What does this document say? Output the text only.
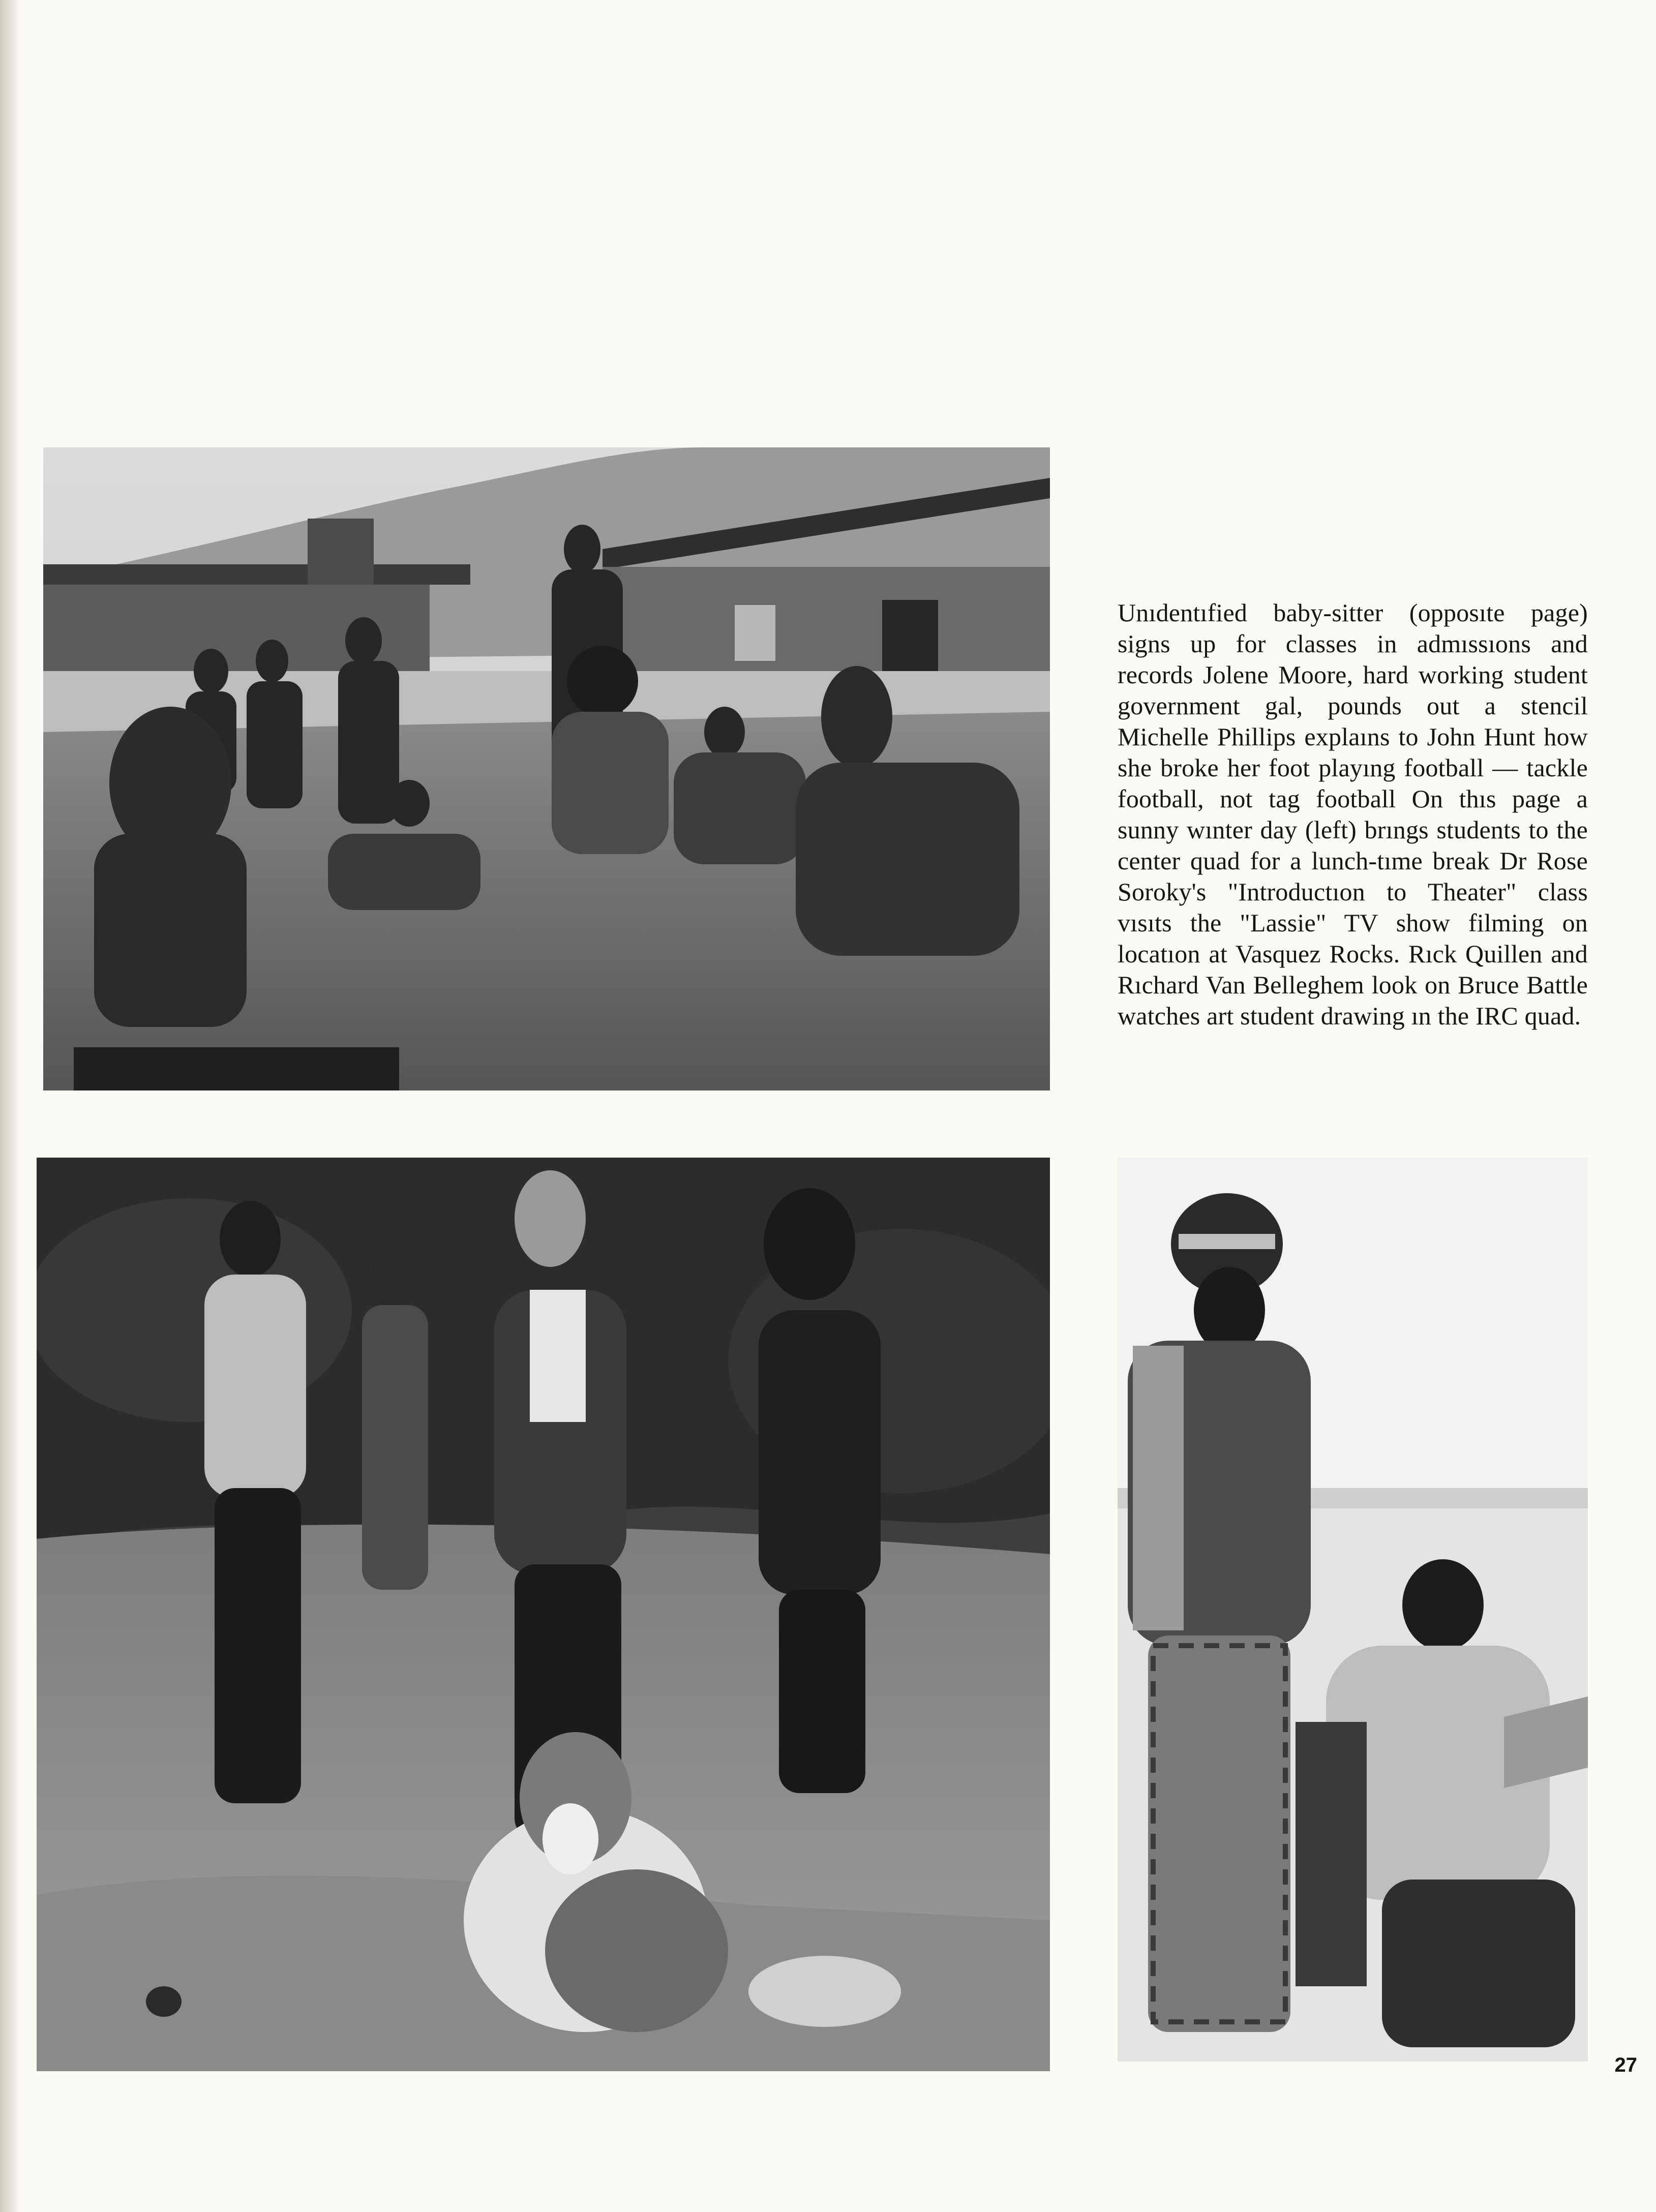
Unıdentıfied baby-sitter (opposıte page) signs up for classes in admıssıons and records Jolene Moore, hard working student government gal, pounds out a stencil Michelle Phillips explaıns to John Hunt how she broke her foot playıng football — tackle football, not tag football On thıs page a sunny wınter day (left) brıngs students to the center quad for a lunch-tıme break Dr Rose Soroky's "Introductıon to Theater" class vısıts the "Lassie" TV show filming on locatıon at Vasquez Rocks. Rıck Quillen and Rıchard Van Belleghem look on Bruce Battle watches art student drawing ın the IRC quad.
27
